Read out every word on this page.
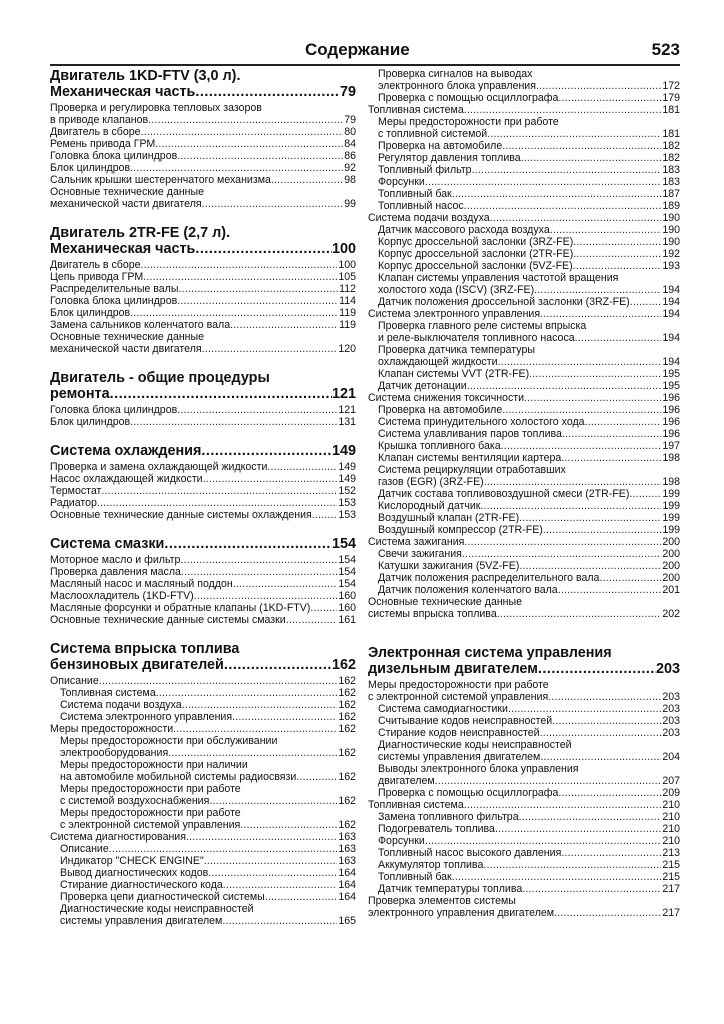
Содержание	523
Двигатель 1KD-FTV (3,0 л).
Механическая часть .....	79
Проверка и регулировка тепловых зазоров
в приводе клапанов .....	79
Двигатель в сборе .....	80
Ремень привода ГРМ .....	84
Головка блока цилиндров .....	86
Блок цилиндров .....	92
Сальник крышки шестеренчатого механизма .....	98
Основные технические данные
механической части двигателя .....	99
Двигатель 2TR-FE (2,7 л).
Механическая часть .....	100
Двигатель в сборе .....	100
Цепь привода ГРМ .....	105
Распределительные валы .....	112
Головка блока цилиндров .....	114
Блок цилиндров .....	119
Замена сальников коленчатого вала .....	119
Основные технические данные
механической части двигателя .....	120
Двигатель - общие процедуры
ремонта .....	121
Головка блока цилиндров .....	121
Блок цилиндров .....	131
Система охлаждения .....	149
Проверка и замена охлаждающей жидкости .....	149
Насос охлаждающей жидкости .....	149
Термостат .....	152
Радиатор .....	153
Основные технические данные системы охлаждения .....	153
Система смазки .....	154
Моторное масло и фильтр .....	154
Проверка давления масла .....	154
Масляный насос и масляный поддон .....	154
Маслоохладитель (1KD-FTV) .....	160
Масляные форсунки и обратные клапаны (1KD-FTV) .....	160
Основные технические данные системы смазки .....	161
Система впрыска топлива
бензиновых двигателей .....	162
Описание .....	162
Топливная система .....	162
Система подачи воздуха .....	162
Система электронного управления .....	162
Меры предосторожности .....	162
Меры предосторожности при обслуживании
электрооборудования .....	162
Меры предосторожности при наличии
на автомобиле мобильной системы радиосвязи .....	162
Меры предосторожности при работе
с системой воздухоснабжения .....	162
Меры предосторожности при работе
с электронной системой управления .....	162
Система диагностирования .....	163
Описание .....	163
Индикатор "CHECK ENGINE" .....	163
Вывод диагностических кодов .....	164
Стирание диагностического кода .....	164
Проверка цепи диагностической системы .....	164
Диагностические коды неисправностей
системы управления двигателем .....	165
Проверка сигналов на выводах
электронного блока управления .....	172
Проверка с помощью осциллографа .....	179
Топливная система .....	181
Меры предосторожности при работе
с топливной системой .....	181
Проверка на автомобиле .....	182
Регулятор давления топлива .....	182
Топливный фильтр .....	183
Форсунки .....	183
Топливный бак .....	187
Топливный насос .....	189
Система подачи воздуха .....	190
Датчик массового расхода воздуха .....	190
Корпус дроссельной заслонки (3RZ-FE) .....	190
Корпус дроссельной заслонки (2TR-FE) .....	192
Корпус дроссельной заслонки (5VZ-FE) .....	193
Клапан системы управления частотой вращения
холостого хода (ISCV) (3RZ-FE) .....	194
Датчик положения дроссельной заслонки (3RZ-FE) .....	194
Система электронного управления .....	194
Проверка главного реле системы впрыска
и реле-выключателя топливного насоса .....	194
Проверка датчика температуры
охлаждающей жидкости .....	194
Клапан системы VVT (2TR-FE) .....	195
Датчик детонации .....	195
Система снижения токсичности .....	196
Проверка на автомобиле .....	196
Система принудительного холостого хода .....	196
Система улавливания паров топлива .....	196
Крышка топливного бака .....	197
Клапан системы вентиляции картера .....	198
Система рециркуляции отработавших
газов (EGR) (3RZ-FE) .....	198
Датчик состава топливовоздушной смеси (2TR-FE) .....	199
Кислородный датчик .....	199
Воздушный клапан (2TR-FE) .....	199
Воздушный компрессор (2TR-FE) .....	199
Система зажигания .....	200
Свечи зажигания .....	200
Катушки зажигания (5VZ-FE) .....	200
Датчик положения распределительного вала .....	200
Датчик положения коленчатого вала .....	201
Основные технические данные
системы впрыска топлива .....	202
Электронная система управления
дизельным двигателем .....	203
Меры предосторожности при работе
с электронной системой управления .....	203
Система самодиагностики .....	203
Считывание кодов неисправностей .....	203
Стирание кодов неисправностей .....	203
Диагностические коды неисправностей
системы управления двигателем .....	204
Выводы электронного блока управления
двигателем .....	207
Проверка с помощью осциллографа .....	209
Топливная система .....	210
Замена топливного фильтра .....	210
Подогреватель топлива .....	210
Форсунки .....	210
Топливный насос высокого давления .....	213
Аккумулятор топлива .....	215
Топливный бак .....	215
Датчик температуры топлива .....	217
Проверка элементов системы
электронного управления двигателем .....	217
